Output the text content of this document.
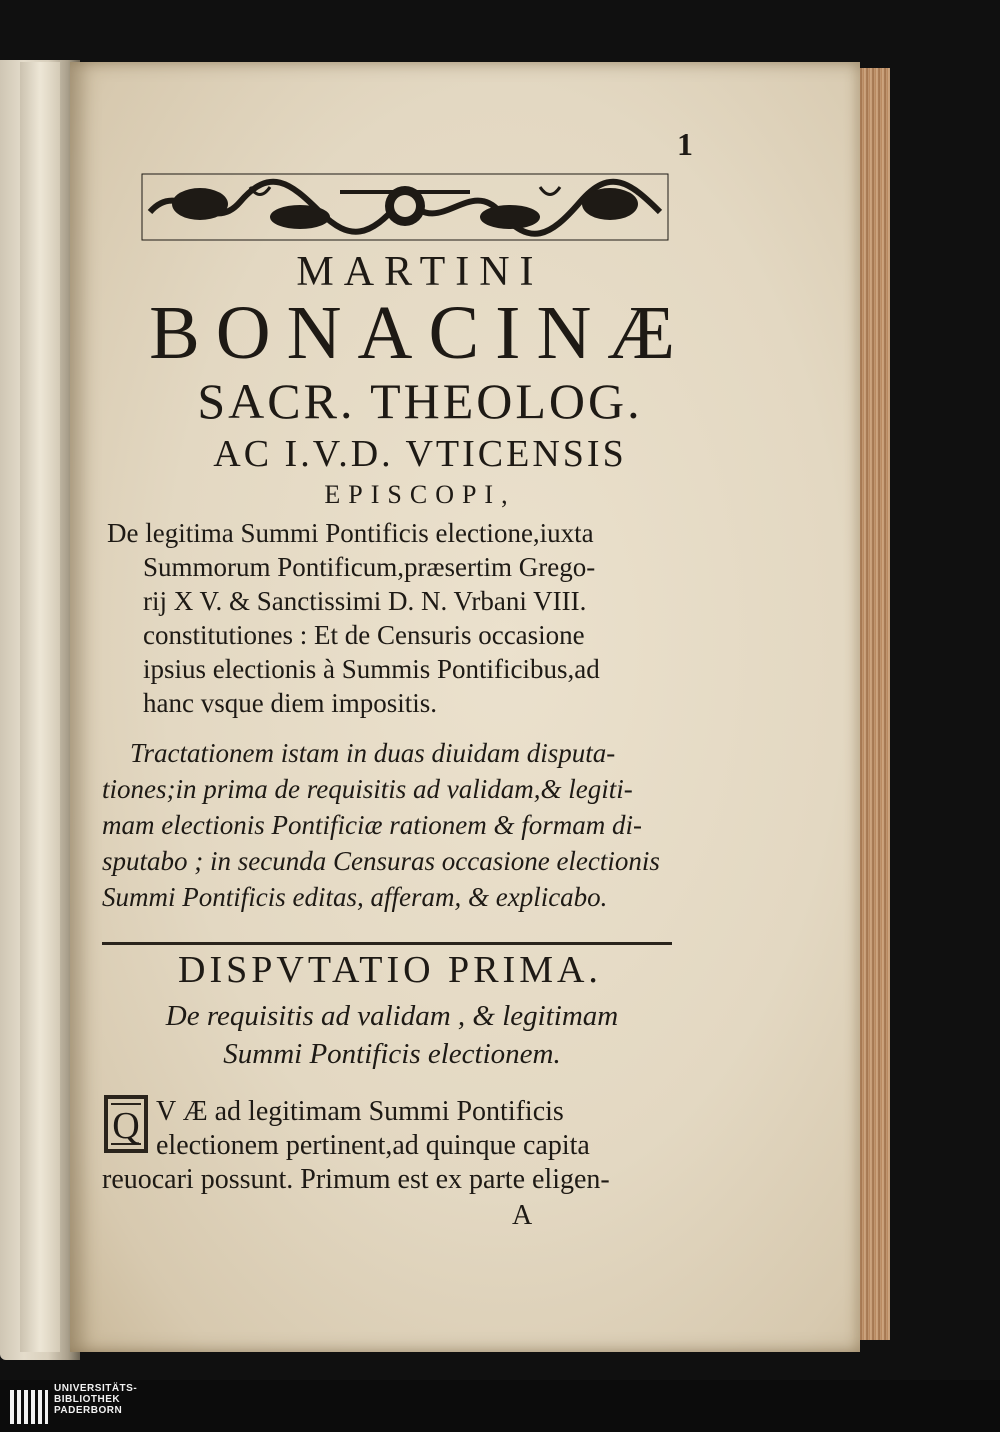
1
MARTINI
BONACINÆ
SACR. THEOLOG.
AC I.V.D. VTICENSIS
EPISCOPI,
De legitima Summi Pontificis electione,iuxta
Summorum Pontificum,præsertim Grego-
rij X V. & Sanctissimi D. N. Vrbani VIII.
constitutiones : Et de Censuris occasione
ipsius electionis à Summis Pontificibus,ad
hanc vsque diem impositis.
Tractationem istam in duas diuidam disputa-
tiones;in prima de requisitis ad validam,& legiti-
mam electionis Pontificiæ rationem & formam di-
sputabo ; in secunda Censuras occasione electionis
Summi Pontificis editas, afferam, & explicabo.
DISPVTATIO PRIMA.
De requisitis ad validam , & legitimam
Summi Pontificis electionem.
Q V Æ ad legitimam Summi Pontificis
electionem pertinent,ad quinque capita
reuocari possunt. Primum est ex parte eligen-
A
UNIVERSITÄTS-
BIBLIOTHEK
PADERBORN
